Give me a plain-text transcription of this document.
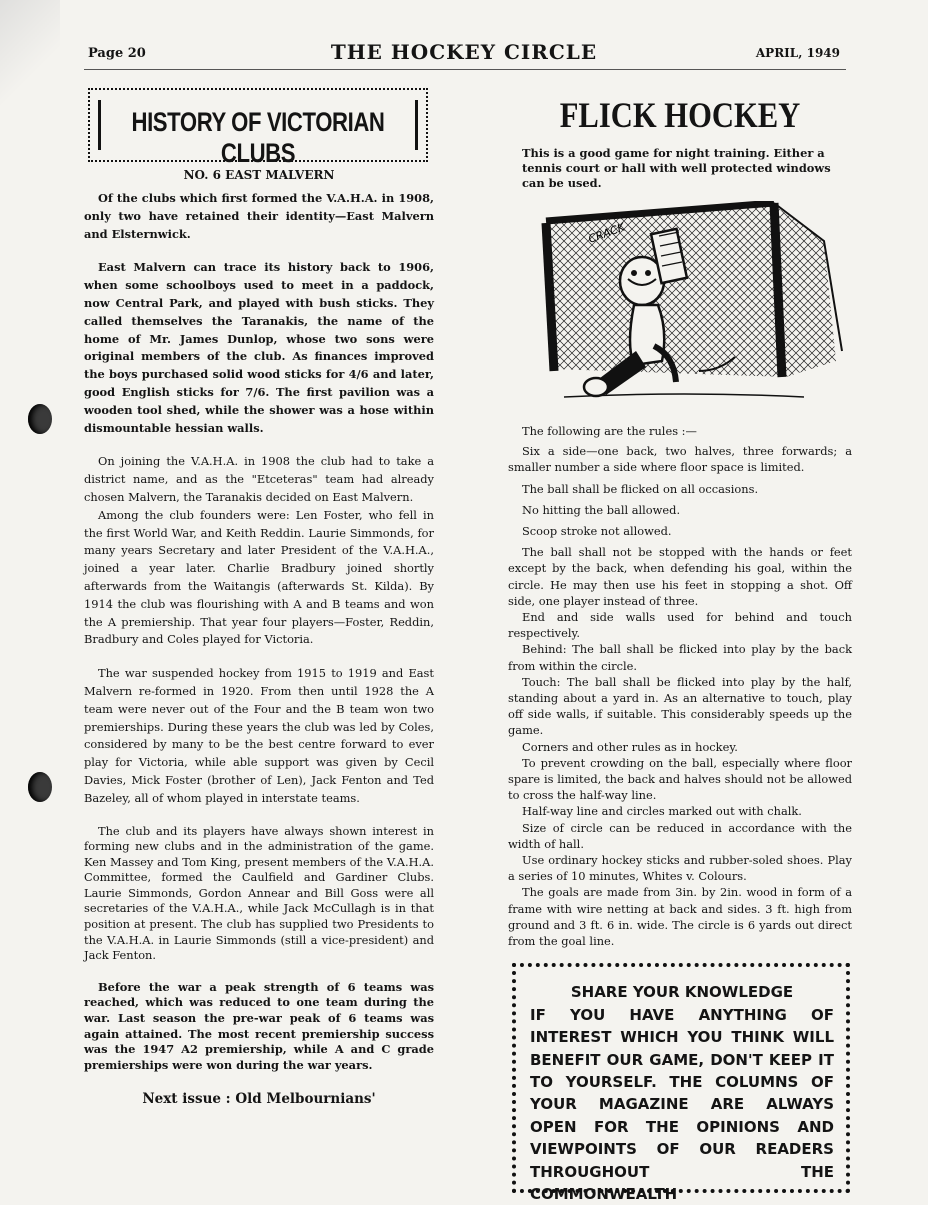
Page 20	THE HOCKEY CIRCLE	APRIL, 1949
HISTORY OF VICTORIAN CLUBS
NO. 6 EAST MALVERN

Of the clubs which first formed the V.A.H.A. in 1908, only two have retained their identity—East Malvern and Elsternwick.

East Malvern can trace its history back to 1906, when some schoolboys used to meet in a paddock, now Central Park, and played with bush sticks. They called themselves the Taranakis, the name of the home of Mr. James Dunlop, whose two sons were original members of the club. As finances improved the boys purchased solid wood sticks for 4/6 and later, good English sticks for 7/6. The first pavilion was a wooden tool shed, while the shower was a hose within dismountable hessian walls.

On joining the V.A.H.A. in 1908 the club had to take a district name, and as the "Etceteras" team had already chosen Malvern, the Taranakis decided on East Malvern.

Among the club founders were: Len Foster, who fell in the first World War, and Keith Reddin. Laurie Simmonds, for many years Secretary and later President of the V.A.H.A., joined a year later. Charlie Bradbury joined shortly afterwards from the Waitangis (afterwards St. Kilda). By 1914 the club was flourishing with A and B teams and won the A premiership. That year four players—Foster, Reddin, Bradbury and Coles played for Victoria.

The war suspended hockey from 1915 to 1919 and East Malvern re-formed in 1920. From then until 1928 the A team were never out of the Four and the B team won two premierships. During these years the club was led by Coles, considered by many to be the best centre forward to ever play for Victoria, while able support was given by Cecil Davies, Mick Foster (brother of Len), Jack Fenton and Ted Bazeley, all of whom played in interstate teams.

The club and its players have always shown interest in forming new clubs and in the administration of the game. Ken Massey and Tom King, present members of the V.A.H.A. Committee, formed the Caulfield and Gardiner Clubs. Laurie Simmonds, Gordon Annear and Bill Goss were all secretaries of the V.A.H.A., while Jack McCullagh is in that position at present. The club has supplied two Presidents to the V.A.H.A. in Laurie Simmonds (still a vice-president) and Jack Fenton.

Before the war a peak strength of 6 teams was reached, which was reduced to one team during the war. Last season the pre-war peak of 6 teams was again attained. The most recent premiership success was the 1947 A2 premiership, while A and C grade premierships were won during the war years.

Next issue : Old Melbournians'
FLICK HOCKEY

This is a good game for night training. Either a tennis court or hall with well protected windows can be used.

CRACK

The following are the rules :—

Six a side—one back, two halves, three forwards; a smaller number a side where floor space is limited.

The ball shall be flicked on all occasions.

No hitting the ball allowed.

Scoop stroke not allowed.

The ball shall not be stopped with the hands or feet except by the back, when defending his goal, within the circle. He may then use his feet in stopping a shot. Off side, one player instead of three.

End and side walls used for behind and touch respectively.

Behind: The ball shall be flicked into play by the back from within the circle.

Touch: The ball shall be flicked into play by the half, standing about a yard in. As an alternative to touch, play off side walls, if suitable. This considerably speeds up the game.

Corners and other rules as in hockey.

To prevent crowding on the ball, especially where floor spare is limited, the back and halves should not be allowed to cross the half-way line.

Half-way line and circles marked out with chalk.

Size of circle can be reduced in accordance with the width of hall.

Use ordinary hockey sticks and rubber-soled shoes. Play a series of 10 minutes, Whites v. Colours.

The goals are made from 3in. by 2in. wood in form of a frame with wire netting at back and sides. 3 ft. high from ground and 3 ft. 6 in. wide. The circle is 6 yards out direct from the goal line.

SHARE YOUR KNOWLEDGE
IF YOU HAVE ANYTHING OF INTEREST WHICH YOU THINK WILL BENEFIT OUR GAME, DON'T KEEP IT TO YOURSELF. THE COLUMNS OF YOUR MAGAZINE ARE ALWAYS OPEN FOR THE OPINIONS AND VIEWPOINTS OF OUR READERS THROUGHOUT THE COMMONWEALTH
